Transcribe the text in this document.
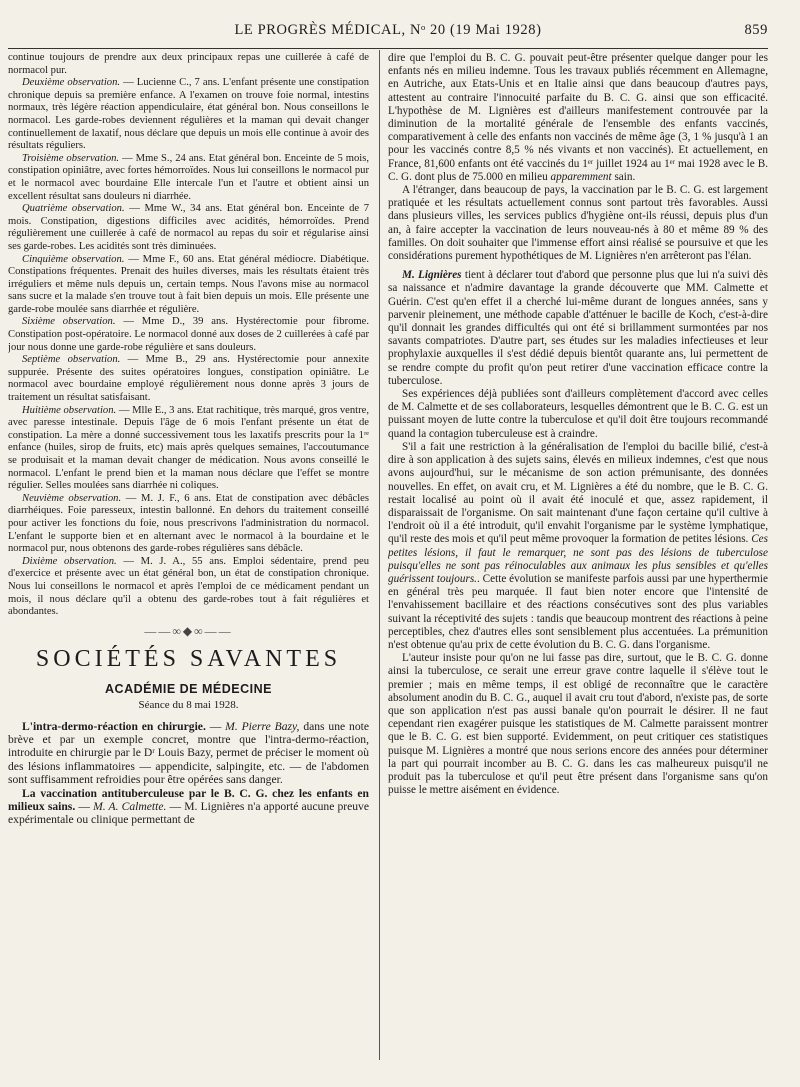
LE PROGRÈS MÉDICAL, Nᵒ 20 (19 Mai 1928)	859

continue toujours de prendre aux deux principaux repas une cuillerée à café de normacol pur.

Deuxième observation. — Lucienne C., 7 ans. L'enfant présente une constipation chronique depuis sa première enfance. A l'examen on trouve foie normal, intestins normaux, très légère réaction appendiculaire, état général bon. Nous conseillons le normacol. Les garde-robes deviennent régulières et la maman qui devait changer continuellement de laxatif, nous déclare que depuis un mois elle continue à avoir des résultats réguliers.

Troisième observation. — Mme S., 24 ans. Etat général bon. Enceinte de 5 mois, constipation opiniâtre, avec fortes hémorroïdes. Nous lui conseillons le normacol pur et le normacol avec bourdaine Elle intercale l'un et l'autre et obtient ainsi un excellent résultat sans douleurs ni diarrhée.

Quatrième observation. — Mme W., 34 ans. Etat général bon. Enceinte de 7 mois. Constipation, digestions difficiles avec acidités, hémorroïdes. Prend régulièrement une cuillerée à café de normacol au repas du soir et régularise ainsi ses garde-robes. Les acidités sont très diminuées.

Cinquième observation. — Mme F., 60 ans. Etat général médiocre. Diabétique. Constipations fréquentes. Prenait des huiles diverses, mais les résultats étaient très irréguliers et même nuls depuis un, certain temps. Nous l'avons mise au normacol sans sucre et la malade s'en trouve tout à fait bien depuis un mois. Elle présente une garde-robe moulée sans diarrhée et régulière.

Sixième observation. — Mme D., 39 ans. Hystérectomie pour fibrome. Constipation post-opératoire. Le normacol donné aux doses de 2 cuillerées à café par jour nous donne une garde-robe régulière et sans douleurs.

Septième observation. — Mme B., 29 ans. Hystérectomie pour annexite suppurée. Présente des suites opératoires longues, constipation opiniâtre. Le normacol avec bourdaine employé régulièrement nous donne après 3 jours de traitement un résultat satisfaisant.

Huitième observation. — Mlle E., 3 ans. Etat rachitique, très marqué, gros ventre, avec paresse intestinale. Depuis l'âge de 6 mois l'enfant présente un état de constipation. La mère a donné successivement tous les laxatifs prescrits pour la 1ʳᵉ enfance (huiles, sirop de fruits, etc) mais après quelques semaines, l'accoutumance se produisait et la maman devait changer de médication. Nous avons conseillé le normacol. L'enfant le prend bien et la maman nous déclare que l'effet se montre régulier. Selles moulées sans diarrhée ni coliques.

Neuvième observation. — M. J. F., 6 ans. Etat de constipation avec débâcles diarrhéiques. Foie paresseux, intestin ballonné. En dehors du traitement conseillé pour activer les fonctions du foie, nous prescrivons l'administration du normacol. L'enfant le supporte bien et en alternant avec le normacol à la bourdaine et le normacol pur, nous obtenons des garde-robes régulières sans débâcle.

Dixième observation. — M. J. A., 55 ans. Emploi sédentaire, prend peu d'exercice et présente avec un état général bon, un état de constipation chronique. Nous lui conseillons le normacol et après l'emploi de ce médicament pendant un mois, il nous déclare qu'il a obtenu des garde-robes tout à fait régulières et abondantes.

——∞◆∞——
SOCIÉTÉS SAVANTES
ACADÉMIE DE MÉDECINE
Séance du 8 mai 1928.

L'intra-dermo-réaction en chirurgie. — M. Pierre Bazy, dans une note brève et par un exemple concret, montre que l'intra-dermo-réaction, introduite en chirurgie par le Dʳ Louis Bazy, permet de préciser le moment où des lésions inflammatoires — appendicite, salpingite, etc. — de l'abdomen sont suffisamment refroidies pour être opérées sans danger.

La vaccination antituberculeuse par le B. C. G. chez les enfants en milieux sains. — M. A. Calmette. — M. Lignières n'a apporté aucune preuve expérimentale ou clinique permettant de

dire que l'emploi du B. C. G. pouvait peut-être présenter quelque danger pour les enfants nés en milieu indemne. Tous les travaux publiés récemment en Allemagne, en Autriche, aux Etats-Unis et en Italie ainsi que dans beaucoup d'autres pays, attestent au contraire l'innocuité parfaite du B. C. G. ainsi que son efficacité. L'hypothèse de M. Lignières est d'ailleurs manifestement controuvée par la diminution de la mortalité générale de l'ensemble des enfants vaccinés, comparativement à celle des enfants non vaccinés de même âge (3, 1 % jusqu'à 1 an pour les vaccinés contre 8,5 % nés vivants et non vaccinés). Et actuellement, en France, 81,600 enfants ont été vaccinés du 1ᵉʳ juillet 1924 au 1ᵉʳ mai 1928 avec le B. C. G. dont plus de 75.000 en milieu apparemment sain.

A l'étranger, dans beaucoup de pays, la vaccination par le B. C. G. est largement pratiquée et les résultats actuellement connus sont partout très favorables. Aussi dans plusieurs villes, les services publics d'hygiène ont-ils réussi, depuis plus d'un an, à faire accepter la vaccination de leurs nouveau-nés à 80 et même 89 % des familles. On doit souhaiter que l'immense effort ainsi réalisé se poursuive et que les considérations purement hypothétiques de M. Lignières n'en arrêteront pas l'élan.

M. Lignières tient à déclarer tout d'abord que personne plus que lui n'a suivi dès sa naissance et n'admire davantage la grande découverte que MM. Calmette et Guérin. C'est qu'en effet il a cherché lui-même durant de longues années, sans y parvenir pleinement, une méthode capable d'atténuer le bacille de Koch, c'est-à-dire qu'il donnait les grandes difficultés qui ont été si brillamment surmontées par nos savants compatriotes. D'autre part, ses études sur les maladies infectieuses et leur prophylaxie auxquelles il s'est dédié depuis bientôt quarante ans, lui permettent de se rendre compte du profit qu'on peut retirer d'une vaccination efficace contre la tuberculose.

Ses expériences déjà publiées sont d'ailleurs complètement d'accord avec celles de M. Calmette et de ses collaborateurs, lesquelles démontrent que le B. C. G. est un puissant moyen de lutte contre la tuberculose et qu'il doit être toujours recommandé quand la contagion tuberculeuse est à craindre.

S'il a fait une restriction à la généralisation de l'emploi du bacille bilié, c'est-à dire à son application à des sujets sains, élevés en milieux indemnes, c'est que nous avons aujourd'hui, sur le mécanisme de son action prémunisante, des données nouvelles. En effet, on avait cru, et M. Lignières a été du nombre, que le B. C. G. restait localisé au point où il avait été inoculé et que, assez rapidement, il disparaissait de l'organisme. On sait maintenant d'une façon certaine qu'il cultive à l'endroit où il a été introduit, qu'il envahit l'organisme par le système lymphatique, qu'il reste des mois et qu'il peut même provoquer la formation de petites lésions. Ces petites lésions, il faut le remarquer, ne sont pas des lésions de tuberculose puisqu'elles ne sont pas réinoculables aux animaux les plus sensibles et qu'elles guérissent toujours.. Cette évolution se manifeste parfois aussi par une hyperthermie en général très peu marquée. Il faut bien noter encore que l'intensité de l'envahissement bacillaire et des réactions consécutives sont des plus variables suivant la réceptivité des sujets : tandis que beaucoup montrent des réactions à peine perceptibles, chez d'autres elles sont sensiblement plus accentuées. La prémunition n'est obtenue qu'au prix de cette évolution du B. C. G. dans l'organisme.

L'auteur insiste pour qu'on ne lui fasse pas dire, surtout, que le B. C. G. donne ainsi la tuberculose, ce serait une erreur grave contre laquelle il s'élève tout le premier ; mais en même temps, il est obligé de reconnaître que le caractère absolument anodin du B. C. G., auquel il avait cru tout d'abord, n'existe pas, de sorte que son application n'est pas aussi banale qu'on pourrait le désirer. Il ne faut cependant rien exagérer puisque les statistiques de M. Calmette paraissent montrer que le B. C. G. est bien supporté. Evidemment, on peut critiquer ces statistiques puisque M. Lignières a montré que nous serions encore des années pour déterminer la part qui pourrait incomber au B. C. G. dans les cas malheureux puisqu'il ne produit pas la tuberculose et qu'il peut être présent dans l'organisme sans qu'on puisse le mettre aisément en évidence.
